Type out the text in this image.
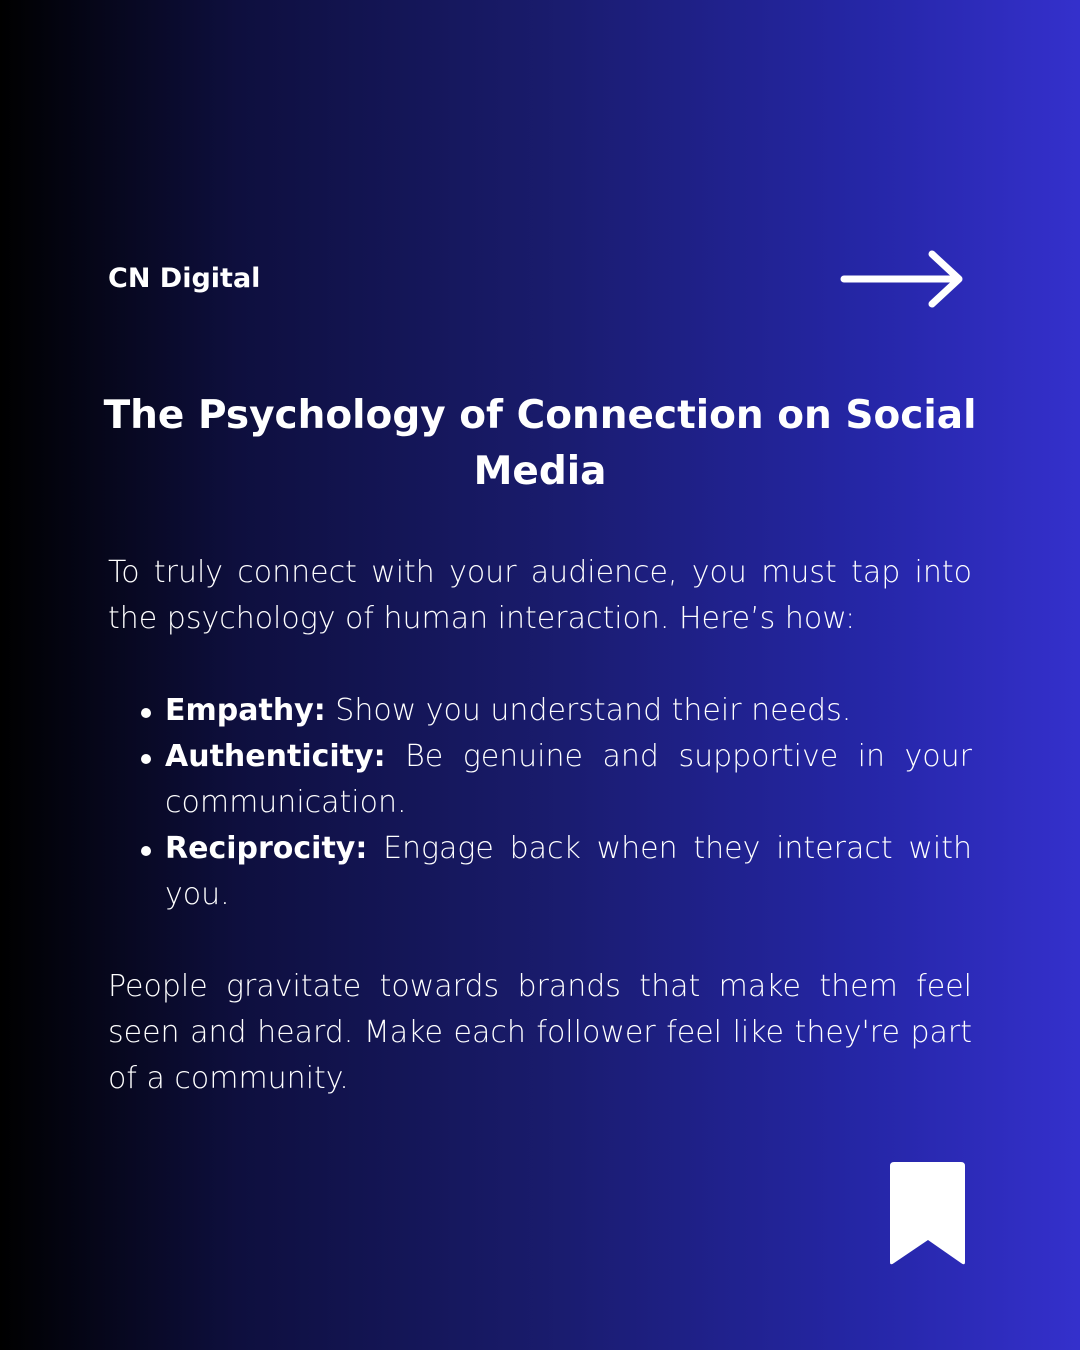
CN Digital
The Psychology of Connection on Social Media

To truly connect with your audience, you must tap into the psychology of human interaction. Here’s how:

Empathy: Show you understand their needs.
Authenticity: Be genuine and supportive in your communication.
Reciprocity: Engage back when they interact with you.

People gravitate towards brands that make them feel seen and heard. Make each follower feel like they're part of a community.
